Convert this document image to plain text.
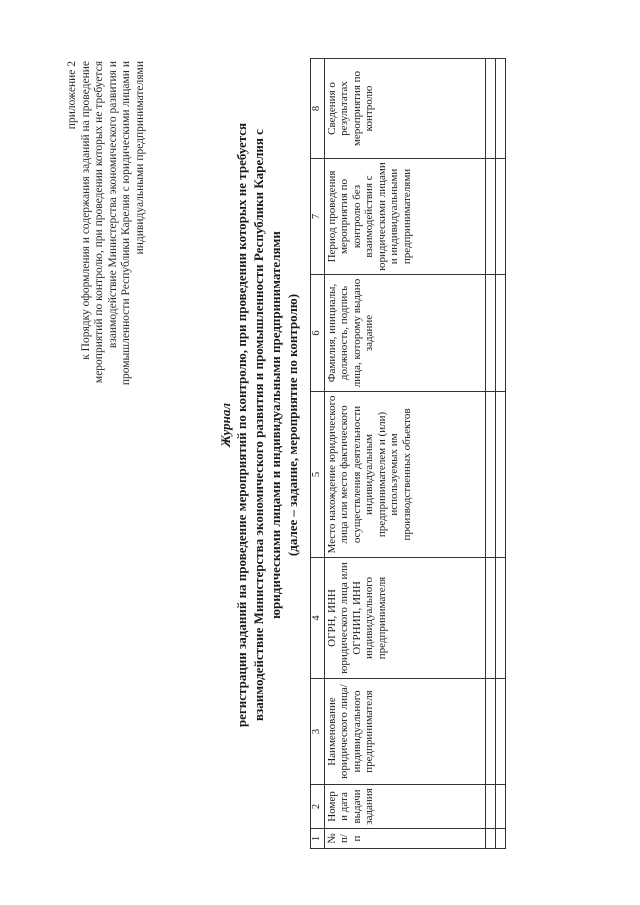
приложение 2 к Порядку оформления и содержания заданий на проведение мероприятий по контролю, при проведении которых не требуется взаимодействие Министерства экономического развития и промышленности Республики Карелия с юридическими лицами и индивидуальными предпринимателями
Журнал регистрации заданий на проведение мероприятий по контролю, при проведении которых не требуется взаимодействие Министерства экономического развития и промышленности Республики Карелия с юридическими лицами и индивидуальными предпринимателями (далее – задание, мероприятие по контролю)
1	2	3	4	5	6	7	8
№ п/п	Номер и дата выдачи задания	Наименование юридического лица/ индивидуального предпринимателя	ОГРН, ИНН юридического лица или ОГРНИП, ИНН индивидуального предпринимателя	Место нахождение юридического лица или место фактического осуществления деятельности индивидуальным предпринимателем и (или) используемых им производственных объектов	Фамилия, инициалы, должность, подпись лица, которому выдано задание	Период проведения мероприятия по контролю без взаимодействия с юридическими лицами и индивидуальными предпринимателями	Сведения о результатах мероприятия по контролю
